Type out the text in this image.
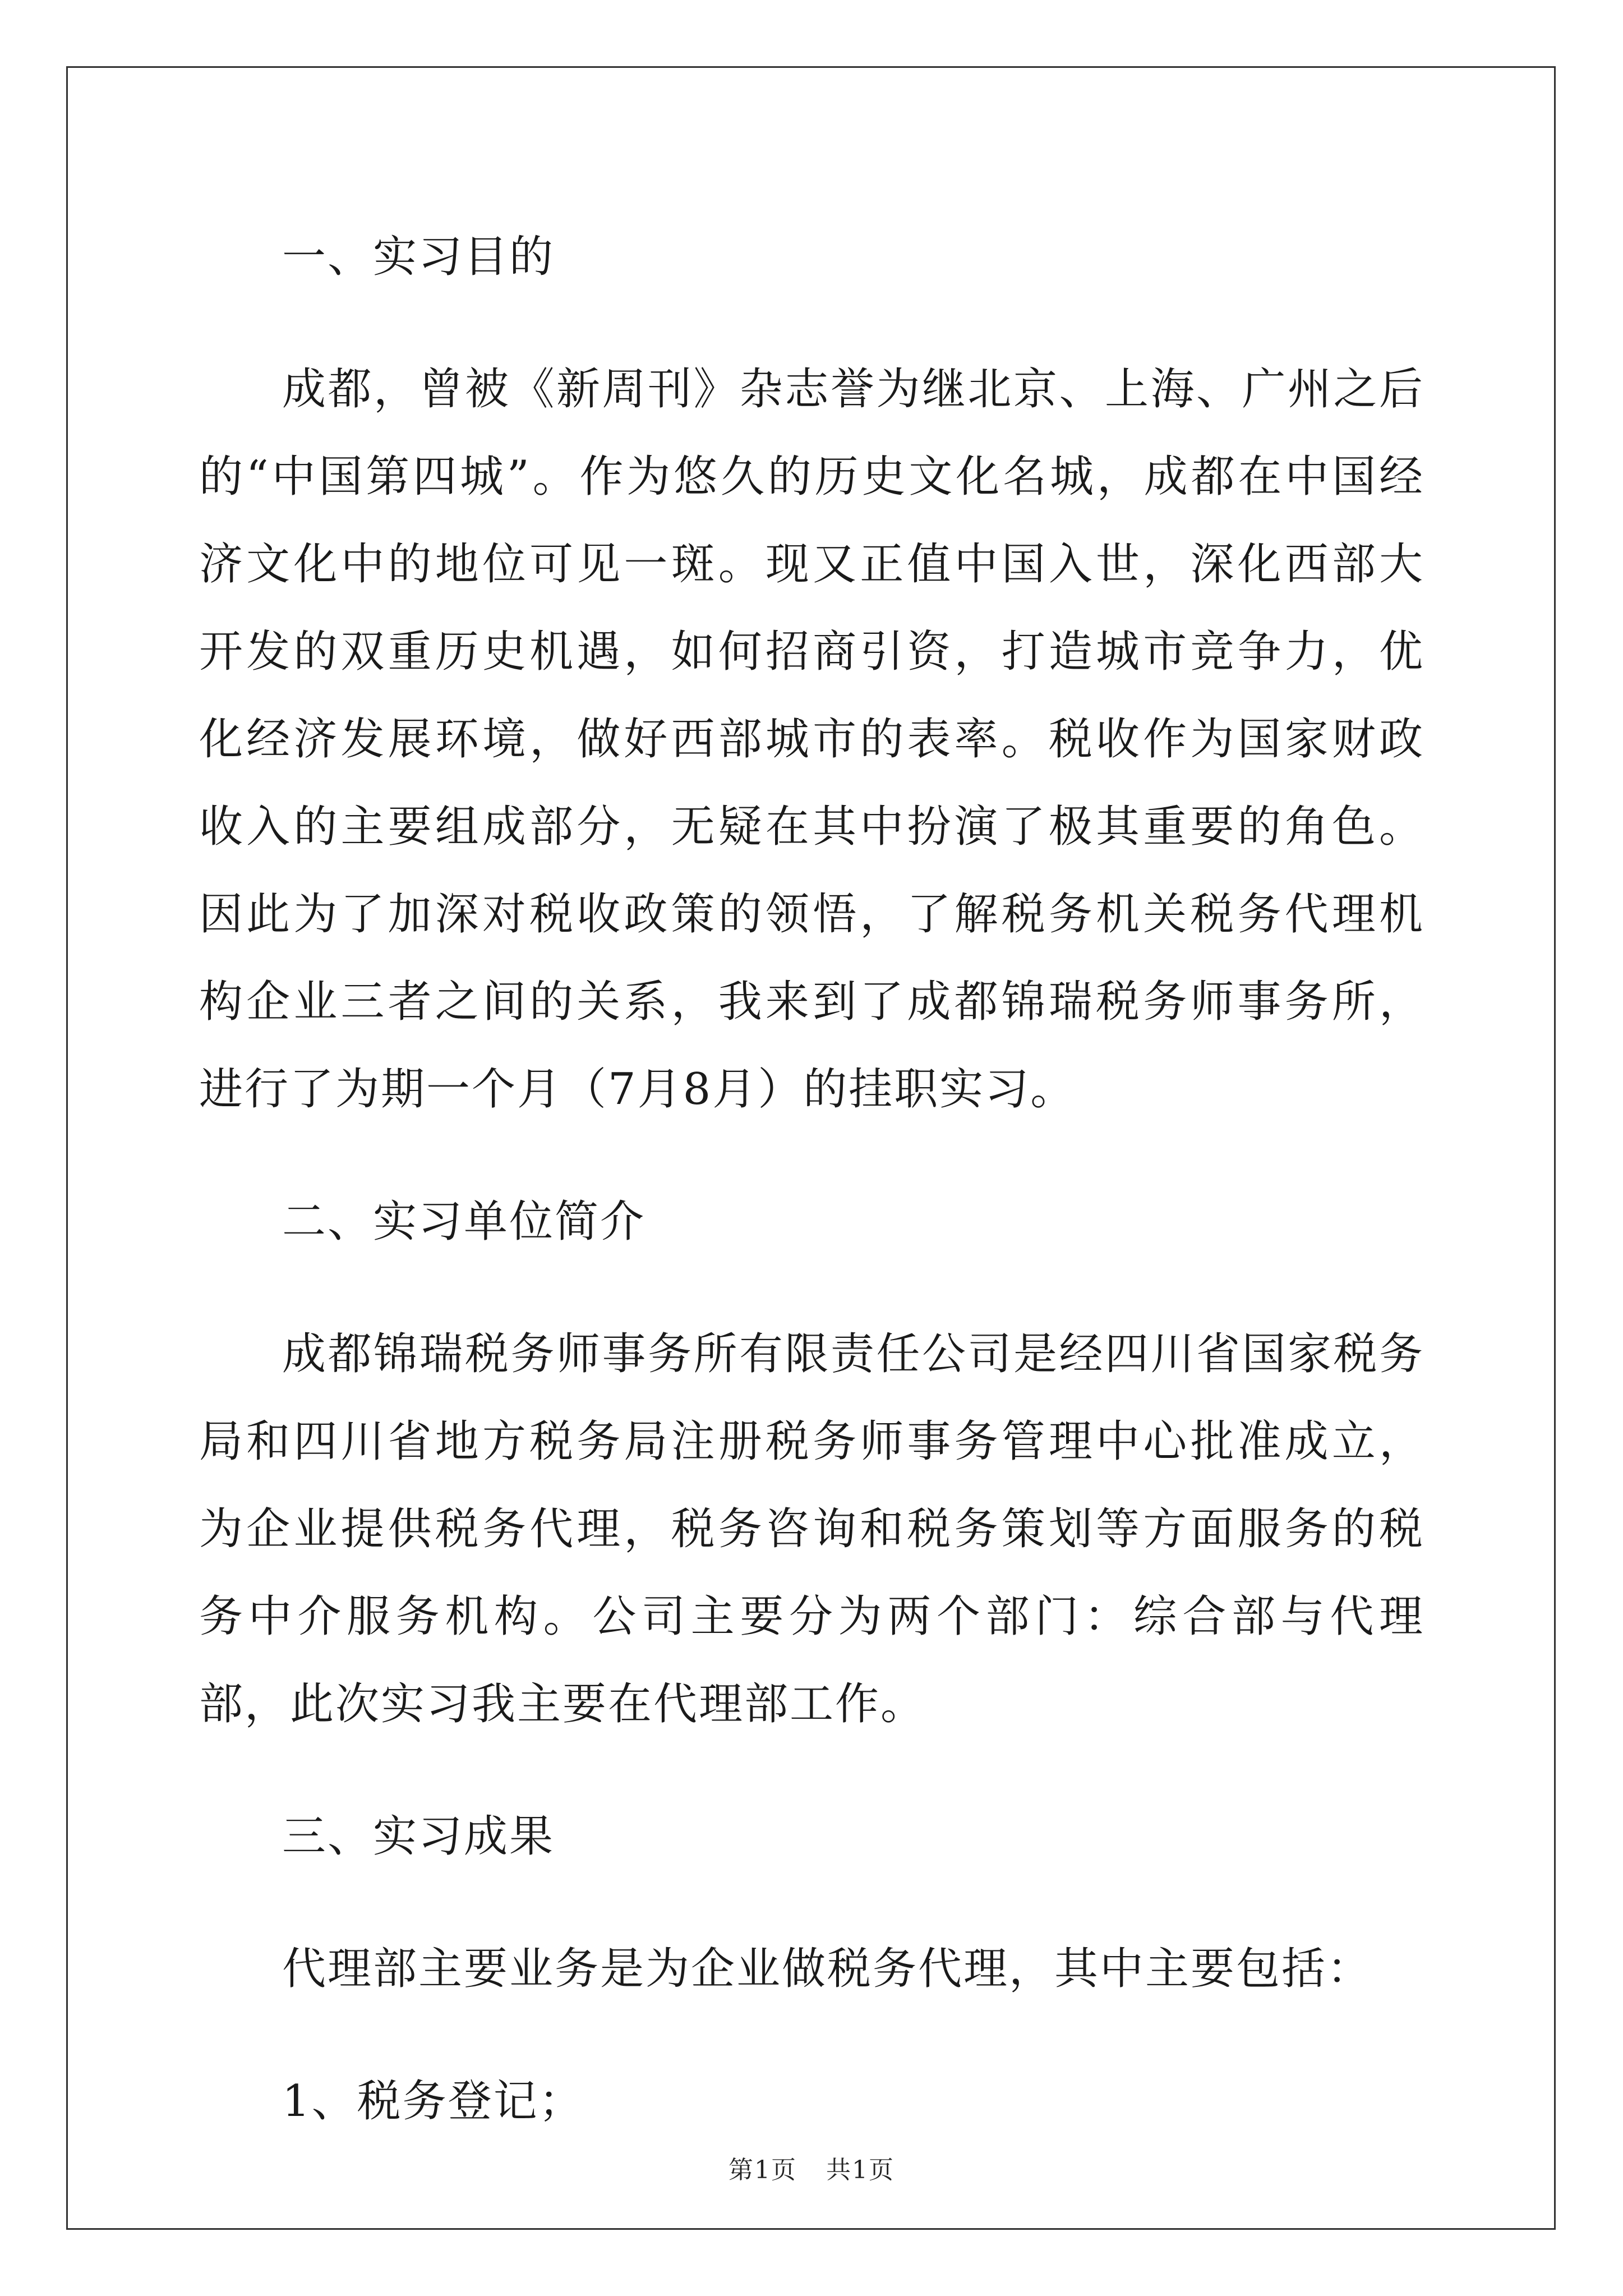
一、实习目的

成都，曾被《新周刊》杂志誉为继北京、上海、广州之后的“中国第四城”。作为悠久的历史文化名城，成都在中国经济文化中的地位可见一斑。现又正值中国入世，深化西部大开发的双重历史机遇，如何招商引资，打造城市竞争力，优化经济发展环境，做好西部城市的表率。税收作为国家财政收入的主要组成部分，无疑在其中扮演了极其重要的角色。因此为了加深对税收政策的领悟，了解税务机关税务代理机构企业三者之间的关系，我来到了成都锦瑞税务师事务所，进行了为期一个月（7月8月）的挂职实习。

二、实习单位简介

成都锦瑞税务师事务所有限责任公司是经四川省国家税务局和四川省地方税务局注册税务师事务管理中心批准成立，为企业提供税务代理，税务咨询和税务策划等方面服务的税务中介服务机构。公司主要分为两个部门：综合部与代理部，此次实习我主要在代理部工作。

三、实习成果

代理部主要业务是为企业做税务代理，其中主要包括：

1、税务登记；

第1页 共1页
